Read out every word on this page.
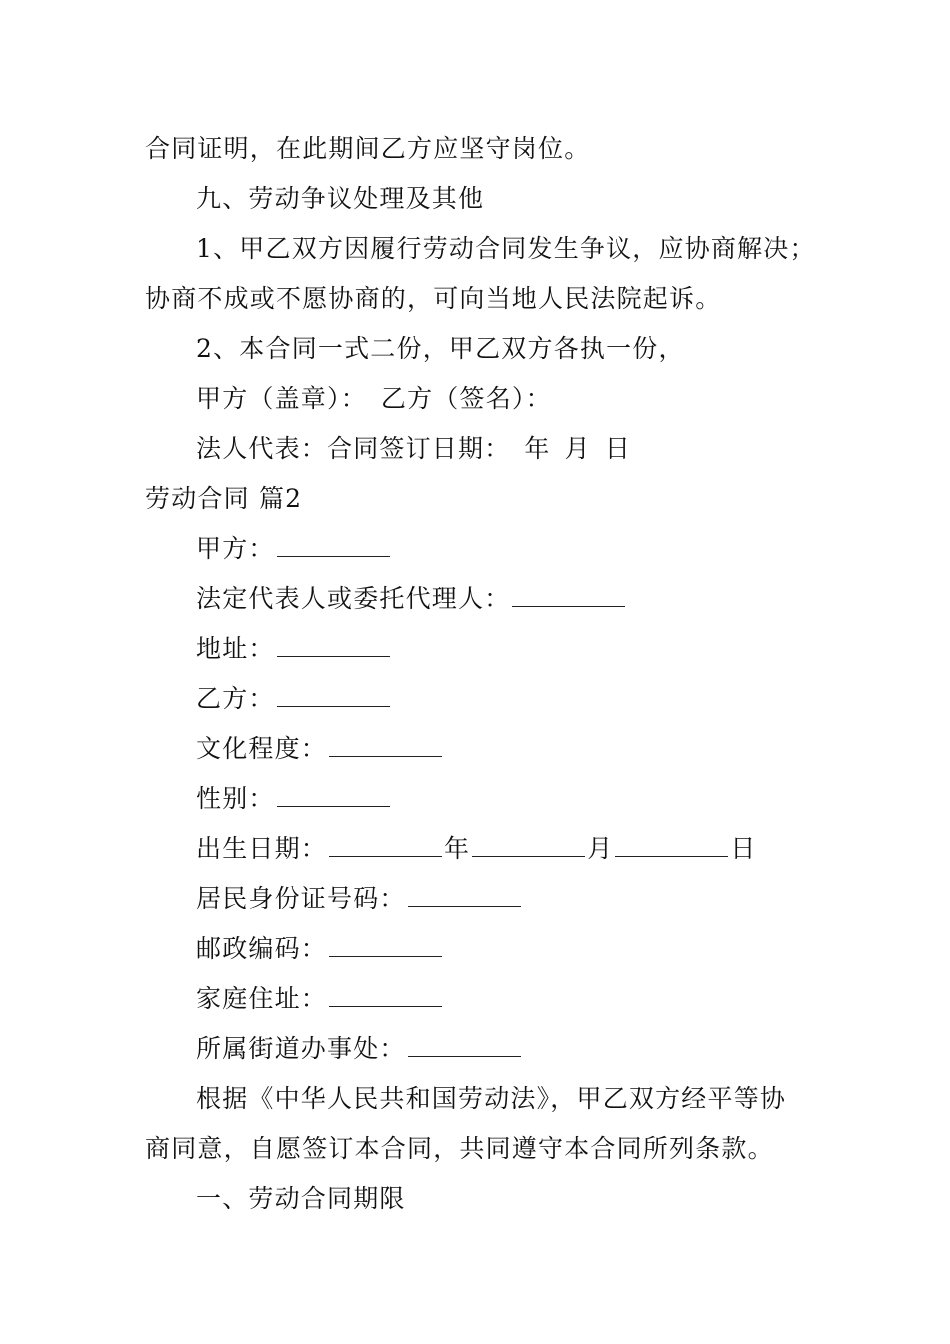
合同证明，在此期间乙方应坚守岗位。
九、劳动争议处理及其他
1、甲乙双方因履行劳动合同发生争议，应协商解决；
协商不成或不愿协商的，可向当地人民法院起诉。
2、本合同一式二份，甲乙双方各执一份，
甲方（盖章）： 乙方（签名）：
法人代表：合同签订日期： 年 月 日
劳动合同 篇2
甲方：
法定代表人或委托代理人：
地址：
乙方：
文化程度：
性别：
出生日期：	年	月	日
居民身份证号码：
邮政编码：
家庭住址：
所属街道办事处：
根据《中华人民共和国劳动法》，甲乙双方经平等协
商同意，自愿签订本合同，共同遵守本合同所列条款。
一、劳动合同期限
